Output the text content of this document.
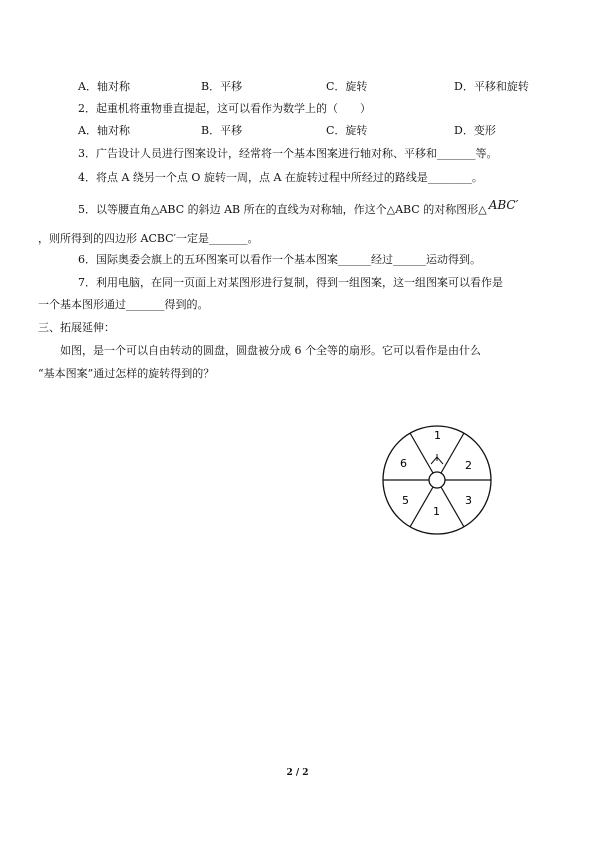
A．轴对称	B．平移	C．旋转	D．平移和旋转
2．起重机将重物垂直提起，这可以看作为数学上的（　　）
A．轴对称	B．平移	C．旋转	D．变形
3．广告设计人员进行图案设计，经常将一个基本图案进行轴对称、平移和_______等。
4．将点 A 绕另一个点 O 旋转一周，点 A 在旋转过程中所经过的路线是________。
5．以等腰直角△ABC 的斜边 AB 所在的直线为对称轴，作这个△ABC 的对称图形△ ABC′
，则所得到的四边形 ACBC′一定是_______。
6．国际奥委会旗上的五环图案可以看作一个基本图案______经过______运动得到。
7．利用电脑，在同一页面上对某图形进行复制，得到一组图案，这一组图案可以看作是
一个基本图形通过_______得到的。
三、拓展延伸：
如图，是一个可以自由转动的圆盘，圆盘被分成 6 个全等的扇形。它可以看作是由什么
“基本图案”通过怎样的旋转得到的？
1
2
3
1
5
6
2 / 2
